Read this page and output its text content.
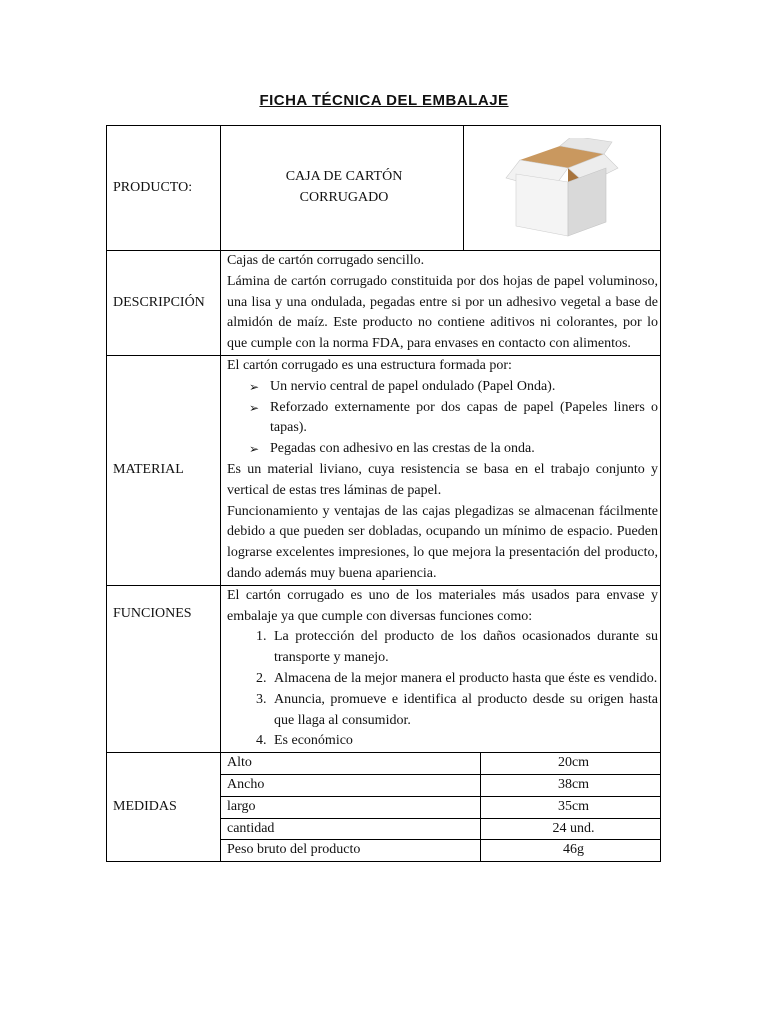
FICHA TÉCNICA DEL EMBALAJE
PRODUCTO:	
CAJA DE CARTÓN
CORRUGADO

DESCRIPCIÓN	
Cajas de cartón corrugado sencillo.
Lámina de cartón corrugado constituida por dos hojas de papel voluminoso, una lisa y una ondulada, pegadas entre si por un adhesivo vegetal a base de almidón de maíz. Este producto no contiene aditivos ni colorantes, por lo que cumple con la norma FDA, para envases en contacto con alimentos.

MATERIAL	
El cartón corrugado es una estructura formada por:
➢ Un nervio central de papel ondulado (Papel Onda).
➢ Reforzado externamente por dos capas de papel (Papeles liners o tapas).
➢ Pegadas con adhesivo en las crestas de la onda.
Es un material liviano, cuya resistencia se basa en el trabajo conjunto y vertical de estas tres láminas de papel.
Funcionamiento y ventajas de las cajas plegadizas se almacenan fácilmente debido a que pueden ser dobladas, ocupando un mínimo de espacio. Pueden lograrse excelentes impresiones, lo que mejora la presentación del producto, dando además muy buena apariencia.

FUNCIONES	
El cartón corrugado es uno de los materiales más usados para envase y embalaje ya que cumple con diversas funciones como:
1. La protección del producto de los daños ocasionados durante su transporte y manejo.
2. Almacena de la mejor manera el producto hasta que éste es vendido.
3. Anuncia, promueve e identifica al producto desde su origen hasta que llaga al consumidor.
4. Es económico

MEDIDAS	
Alto	20cm
Ancho	38cm
largo	35cm
cantidad	24 und.
Peso bruto del producto	46g
